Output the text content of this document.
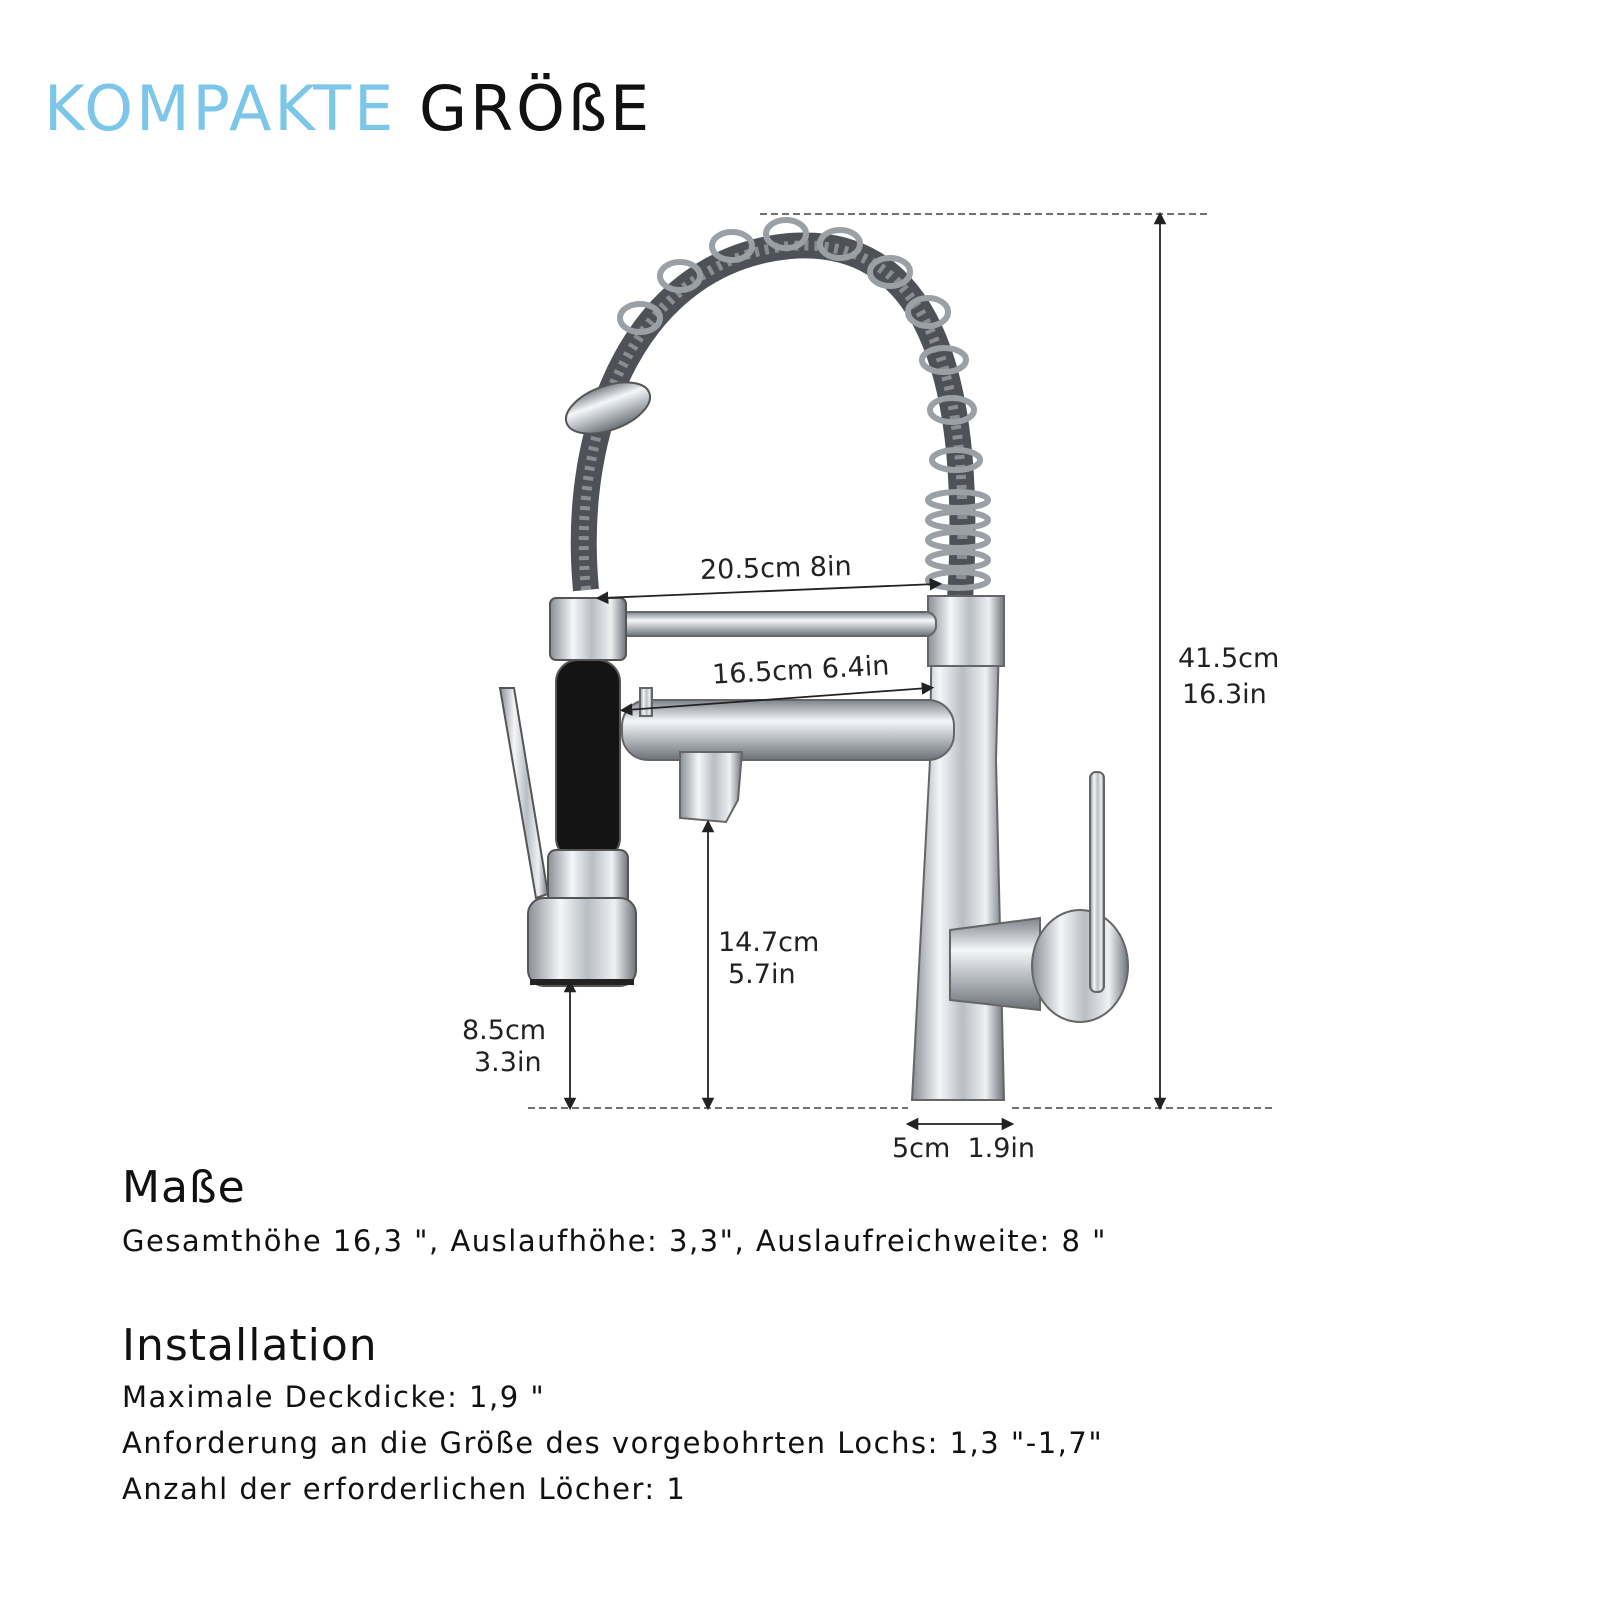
KOMPAKTE GRÖßE
41.5cm
16.3in
20.5cm 8in
16.5cm 6.4in
14.7cm
5.7in
8.5cm
3.3in
5cm  1.9in
Maße
Gesamthöhe 16,3 ", Auslaufhöhe: 3,3", Auslaufreichweite: 8 "
Installation
Maximale Deckdicke: 1,9 "
Anforderung an die Größe des vorgebohrten Lochs: 1,3 "-1,7"
Anzahl der erforderlichen Löcher: 1
